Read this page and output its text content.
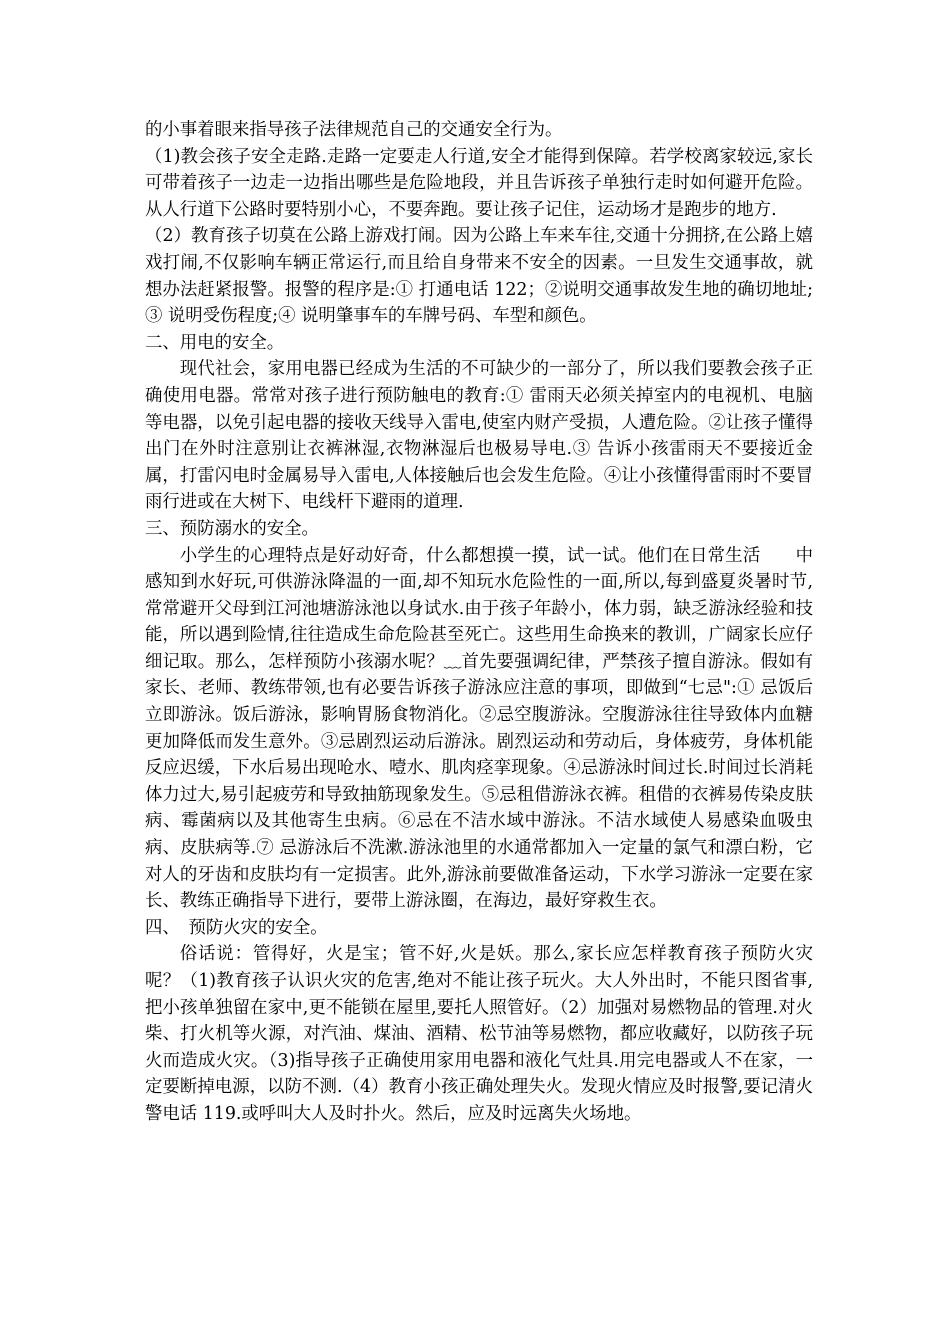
的小事着眼来指导孩子法律规范自己的交通安全行为。

（1)教会孩子安全走路.走路一定要走人行道,安全才能得到保障。若学校离家较远,家长可带着孩子一边走一边指出哪些是危险地段，并且告诉孩子单独行走时如何避开危险。从人行道下公路时要特别小心，不要奔跑。要让孩子记住，运动场才是跑步的地方.

（2）教育孩子切莫在公路上游戏打闹。因为公路上车来车往,交通十分拥挤,在公路上嬉戏打闹,不仅影响车辆正常运行,而且给自身带来不安全的因素。一旦发生交通事故，就想办法赶紧报警。报警的程序是:① 打通电话 122；②说明交通事故发生地的确切地址;③ 说明受伤程度;④ 说明肇事车的车牌号码、车型和颜色。

二、用电的安全。

现代社会，家用电器已经成为生活的不可缺少的一部分了，所以我们要教会孩子正确使用电器。常常对孩子进行预防触电的教育:① 雷雨天必须关掉室内的电视机、电脑等电器，以免引起电器的接收天线导入雷电,使室内财产受损，人遭危险。②让孩子懂得出门在外时注意别让衣裤淋湿,衣物淋湿后也极易导电.③ 告诉小孩雷雨天不要接近金属，打雷闪电时金属易导入雷电,人体接触后也会发生危险。④让小孩懂得雷雨时不要冒雨行进或在大树下、电线杆下避雨的道理.

三、预防溺水的安全。

小学生的心理特点是好动好奇，什么都想摸一摸，试一试。他们在日常生活　　中感知到水好玩,可供游泳降温的一面,却不知玩水危险性的一面,所以,每到盛夏炎暑时节,常常避开父母到江河池塘游泳池以身试水.由于孩子年龄小，体力弱，缺乏游泳经验和技能，所以遇到险情,往往造成生命危险甚至死亡。这些用生命换来的教训，广阔家长应仔细记取。那么，怎样预防小孩溺水呢？﹏首先要强调纪律，严禁孩子擅自游泳。假如有家长、老师、教练带领,也有必要告诉孩子游泳应注意的事项，即做到“七忌":① 忌饭后立即游泳。饭后游泳，影响胃肠食物消化。②忌空腹游泳。空腹游泳往往导致体内血糖更加降低而发生意外。③忌剧烈运动后游泳。剧烈运动和劳动后，身体疲劳，身体机能反应迟缓，下水后易出现呛水、噎水、肌肉痉挛现象。④忌游泳时间过长.时间过长消耗体力过大,易引起疲劳和导致抽筋现象发生。⑤忌租借游泳衣裤。租借的衣裤易传染皮肤病、霉菌病以及其他寄生虫病。⑥忌在不洁水域中游泳。不洁水域使人易感染血吸虫病、皮肤病等.⑦ 忌游泳后不洗漱.游泳池里的水通常都加入一定量的氯气和漂白粉，它对人的牙齿和皮肤均有一定损害。此外,游泳前要做准备运动，下水学习游泳一定要在家长、教练正确指导下进行，要带上游泳圈，在海边，最好穿救生衣。

四、　预防火灾的安全。

俗话说：管得好，火是宝；管不好,火是妖。那么,家长应怎样教育孩子预防火灾呢？（1)教育孩子认识火灾的危害,绝对不能让孩子玩火。大人外出时，不能只图省事,把小孩单独留在家中,更不能锁在屋里,要托人照管好。（2）加强对易燃物品的管理.对火柴、打火机等火源，对汽油、煤油、酒精、松节油等易燃物，都应收藏好，以防孩子玩火而造成火灾。（3)指导孩子正确使用家用电器和液化气灶具.用完电器或人不在家，一定要断掉电源，以防不测.（4）教育小孩正确处理失火。发现火情应及时报警,要记清火警电话 119.或呼叫大人及时扑火。然后，应及时远离失火场地。
